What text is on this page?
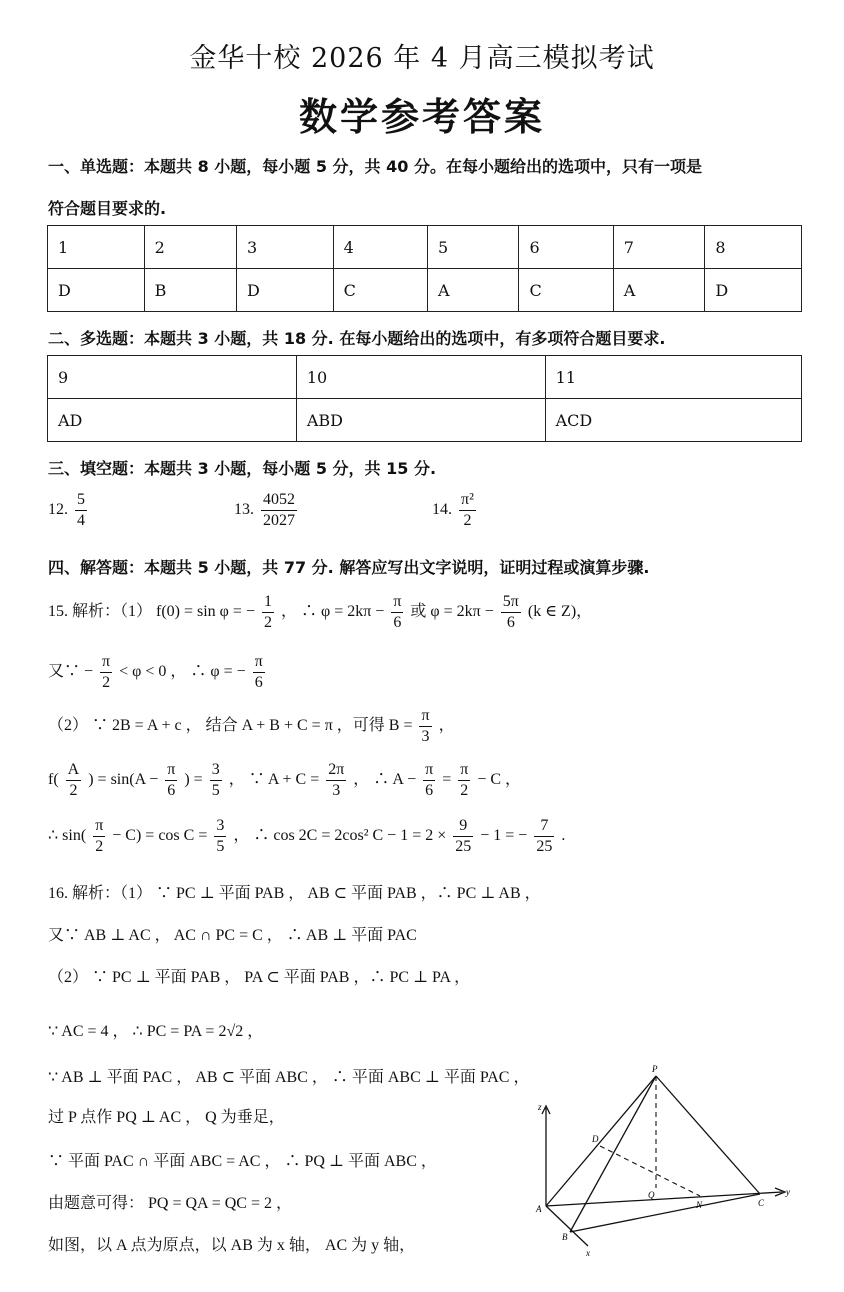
金华十校 2026 年 4 月高三模拟考试
数学参考答案
一、单选题：本题共 8 小题，每小题 5 分，共 40 分。在每小题给出的选项中，只有一项是
符合题目要求的.
1	2	3	4	5	6	7	8
D	B	D	C	A	C	A	D
二、多选题：本题共 3 小题，共 18 分. 在每小题给出的选项中，有多项符合题目要求.
9	10	11
AD	ABD	ACD
三、填空题：本题共 3 小题，每小题 5 分，共 15 分.
12. $\frac{5}{4}$	13. $\frac{4052}{2027}$	14. $\frac{\text{π²}}{2}$
四、解答题：本题共 5 小题，共 77 分. 解答应写出文字说明，证明过程或演算步骤.
15. 解析：（1） f(0) = sin φ = − $\frac{1}{2}$ ， ∴ $\varphi = 2k\pi - \frac{\pi}{6}$ 或 $\varphi = 2k\pi - \frac{5\pi}{6} (k$ ∈ Z)，
又∵ − $\frac{\pi}{2} < \varphi < 0$ ， ∴ φ = − $\frac{\pi}{6}$
（2） ∵ 2B = A + c ， 结合 A + B + C = π ，可得 $B = \frac{\pi}{3}$ ，
$f( \frac{A}{2}$ ) = $\sin(A - \frac{\pi}{6}$ ) = $\frac{3}{5}$ ， ∵ $A + C = \frac{2\pi}{3}$ ， ∴ $A - \frac{\pi}{6} = \frac{\pi}{2} - C$ ，
∴ $\sin( \frac{\pi}{2} - C) = \cos C = \frac{3}{5}$ ， ∴ cos 2C = 2cos² $C - 1 = 2 \times \frac{9}{25} - 1$ = − $\frac{7}{25}$ .
16. 解析：（1） ∵ PC ⊥ 平面 PAB ， AB ⊂ 平面 PAB ，∴ PC ⊥ AB ，
又∵ AB ⊥ AC ， AC ∩ PC = C ， ∴ AB ⊥ 平面 PAC
（2） ∵ PC ⊥ 平面 PAB ， PA ⊂ 平面 PAB ，∴ PC ⊥ PA ，
∵ AC = 4 ， ∴ PC = PA = 2√2 ，
∵ AB ⊥ 平面 PAC ， AB ⊂ 平面 ABC ， ∴ 平面 ABC ⊥ 平面 PAC ，
过 P 点作 PQ ⊥ AC ， Q 为垂足，
∵ 平面 PAC ∩ 平面 ABC = AC ， ∴ PQ ⊥ 平面 ABC ，
由题意可得： PQ = QA = QC = 2 ，
如图，以 A 点为原点，以 AB 为 x 轴， AC 为 y 轴，
P
z
D
Q
A	N	C
y
B
x
